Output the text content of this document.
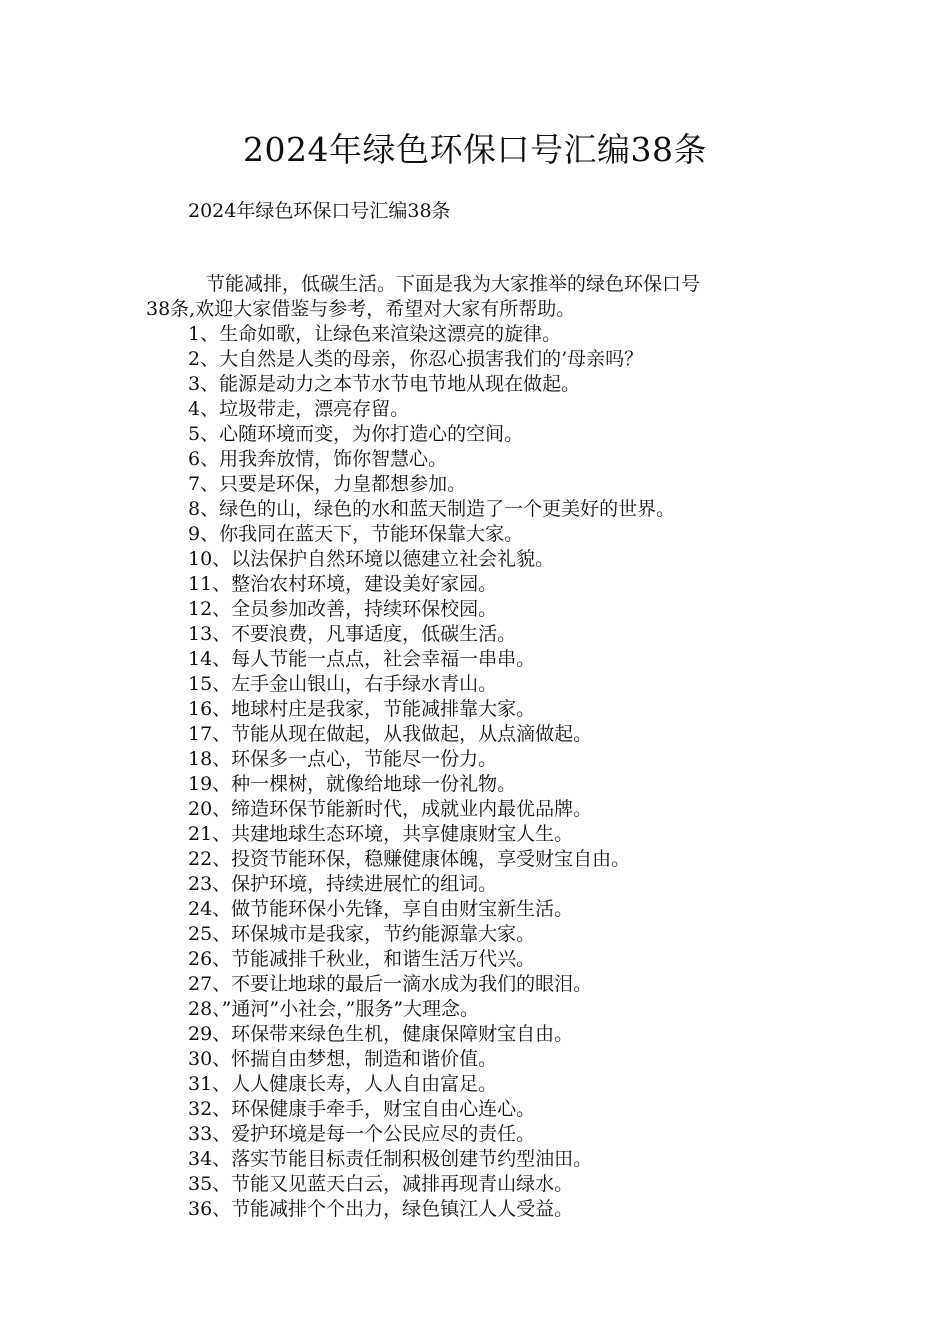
2024年绿色环保口号汇编38条
2024年绿色环保口号汇编38条
节能减排，低碳生活。下面是我为大家推举的绿色环保口号
38条,欢迎大家借鉴与参考，希望对大家有所帮助。
1、生命如歌，让绿色来渲染这漂亮的旋律。
2、大自然是人类的母亲，你忍心损害我们的’母亲吗？
3、能源是动力之本节水节电节地从现在做起。
4、垃圾带走，漂亮存留。
5、心随环境而变，为你打造心的空间。
6、用我奔放情，饰你智慧心。
7、只要是环保，力皇都想参加。
8、绿色的山，绿色的水和蓝天制造了一个更美好的世界。
9、你我同在蓝天下，节能环保靠大家。
10、以法保护自然环境以德建立社会礼貌。
11、整治农村环境，建设美好家园。
12、全员参加改善，持续环保校园。
13、不要浪费，凡事适度，低碳生活。
14、每人节能一点点，社会幸福一串串。
15、左手金山银山，右手绿水青山。
16、地球村庄是我家，节能减排靠大家。
17、节能从现在做起，从我做起，从点滴做起。
18、环保多一点心，节能尽一份力。
19、种一棵树，就像给地球一份礼物。
20、缔造环保节能新时代，成就业内最优品牌。
21、共建地球生态环境，共享健康财宝人生。
22、投资节能环保，稳赚健康体魄，享受财宝自由。
23、保护环境，持续进展忙的组词。
24、做节能环保小先锋，享自由财宝新生活。
25、环保城市是我家，节约能源靠大家。
26、节能减排千秋业，和谐生活万代兴。
27、不要让地球的最后一滴水成为我们的眼泪。
28、”通河”小社会，”服务”大理念。
29、环保带来绿色生机，健康保障财宝自由。
30、怀揣自由梦想，制造和谐价值。
31、人人健康长寿，人人自由富足。
32、环保健康手牵手，财宝自由心连心。
33、爱护环境是每一个公民应尽的责任。
34、落实节能目标责任制积极创建节约型油田。
35、节能又见蓝天白云，减排再现青山绿水。
36、节能减排个个出力，绿色镇江人人受益。
